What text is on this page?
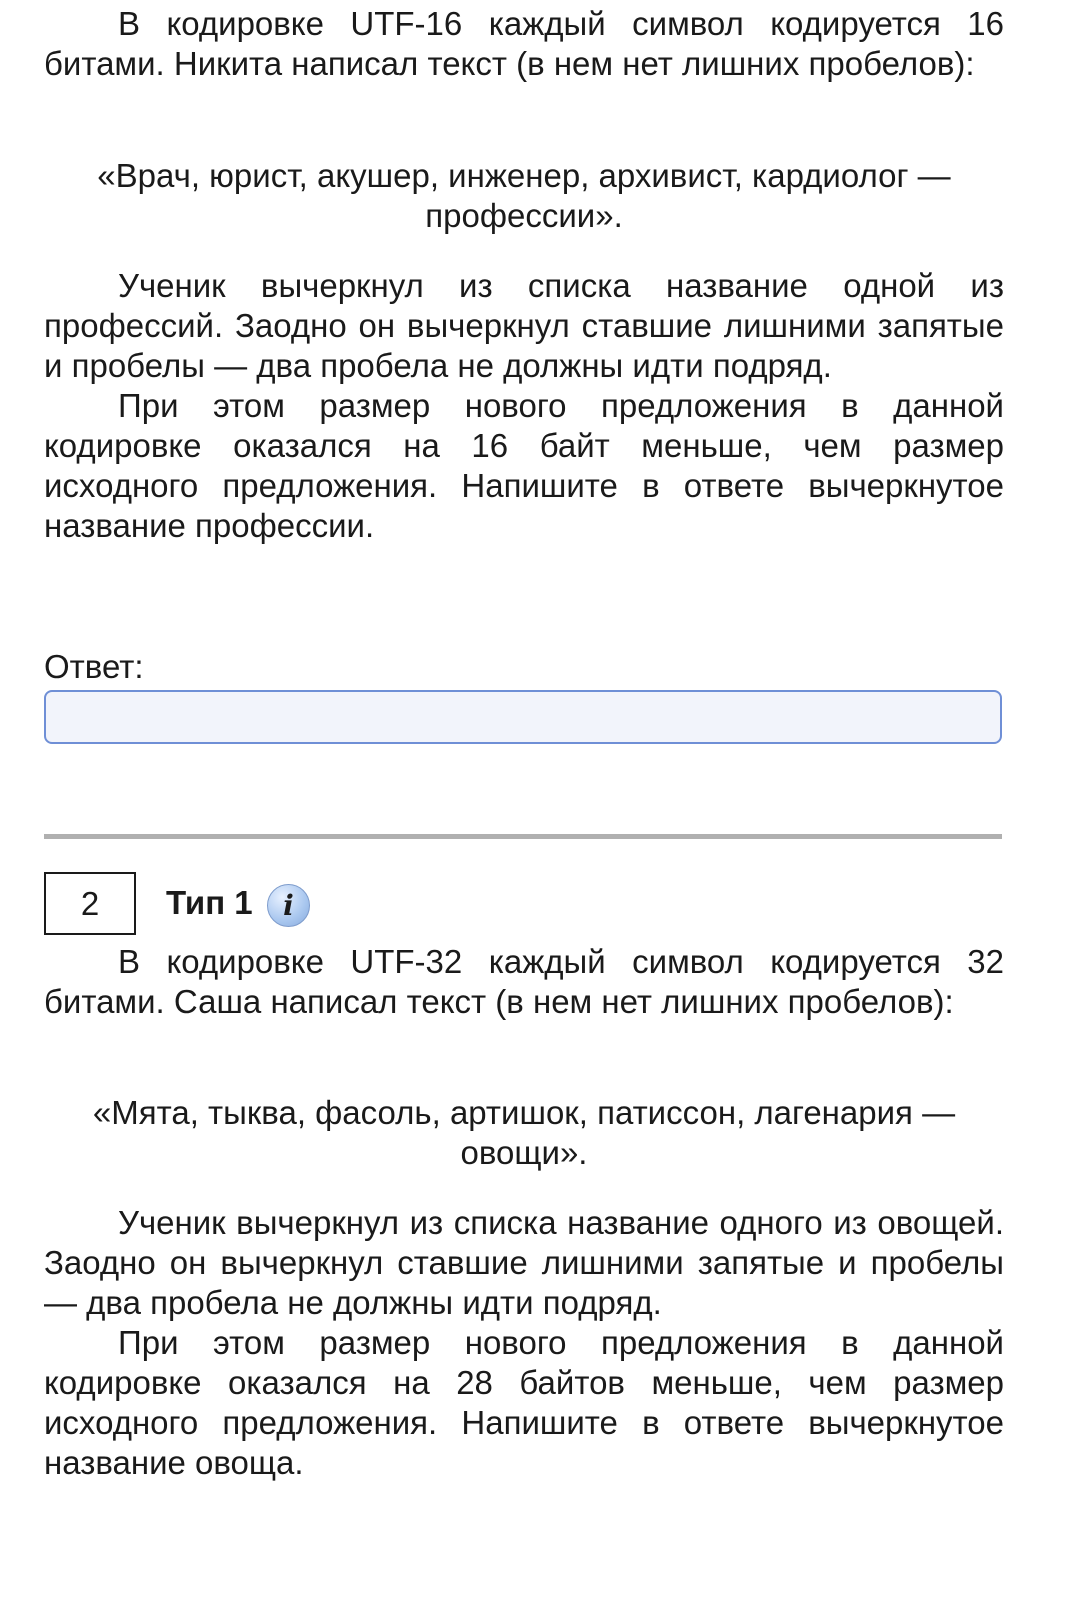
В кодировке UTF-16 каждый символ кодируется 16 битами. Никита написал текст (в нем нет лишних пробелов):

«Врач, юрист, акушер, инженер, архивист, кардиолог — профессии».

Ученик вычеркнул из списка название одной из профессий. Заодно он вычеркнул ставшие лишними запятые и пробелы — два пробела не должны идти подряд.

При этом размер нового предложения в данной кодировке оказался на 16 байт меньше, чем размер исходного предложения. Напишите в ответе вычеркнутое название профессии.

Ответ:
2	Тип 1	i

В кодировке UTF-32 каждый символ кодируется 32 битами. Саша написал текст (в нем нет лишних пробелов):

«Мята, тыква, фасоль, артишок, патиссон, лагенария — овощи».

Ученик вычеркнул из списка название одного из овощей. Заодно он вычеркнул ставшие лишними запятые и пробелы — два пробела не должны идти подряд.

При этом размер нового предложения в данной кодировке оказался на 28 байтов меньше, чем размер исходного предложения. Напишите в ответе вычеркнутое название овоща.
